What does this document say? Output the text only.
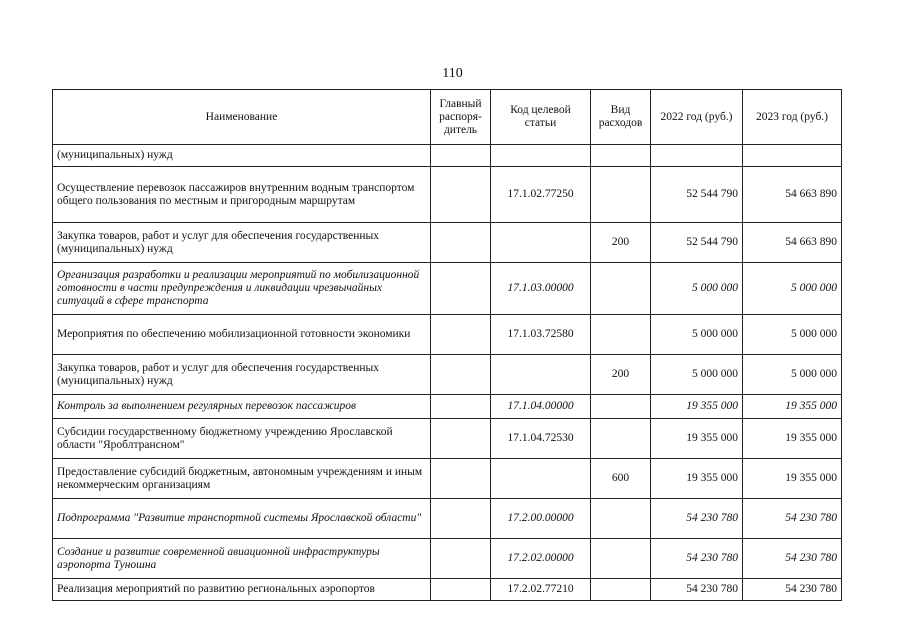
110
Наименование	Главный распоря-дитель	Код целевой статьи	Вид расходов	2022 год (руб.)	2023 год (руб.)
(муниципальных) нужд					
Осуществление перевозок пассажиров внутренним водным транспортом общего пользования по местным и пригородным маршрутам		17.1.02.77250		52 544 790	54 663 890
Закупка товаров, работ и услуг для обеспечения государственных (муниципальных) нужд			200	52 544 790	54 663 890
Организация разработки и реализации мероприятий по мобилизационной готовности в части предупреждения и ликвидации чрезвычайных ситуаций в сфере транспорта		17.1.03.00000		5 000 000	5 000 000
Мероприятия по обеспечению мобилизационной готовности экономики		17.1.03.72580		5 000 000	5 000 000
Закупка товаров, работ и услуг для обеспечения государственных (муниципальных) нужд			200	5 000 000	5 000 000
Контроль за выполнением регулярных перевозок пассажиров		17.1.04.00000		19 355 000	19 355 000
Субсидии государственному бюджетному учреждению Ярославской области "Яроблтрансном"		17.1.04.72530		19 355 000	19 355 000
Предоставление субсидий бюджетным, автономным учреждениям и иным некоммерческим организациям			600	19 355 000	19 355 000
Подпрограмма "Развитие транспортной системы Ярославской области"		17.2.00.00000		54 230 780	54 230 780
Создание и развитие современной авиационной инфраструктуры аэропорта Туношна		17.2.02.00000		54 230 780	54 230 780
Реализация мероприятий по развитию региональных аэропортов		17.2.02.77210		54 230 780	54 230 780
